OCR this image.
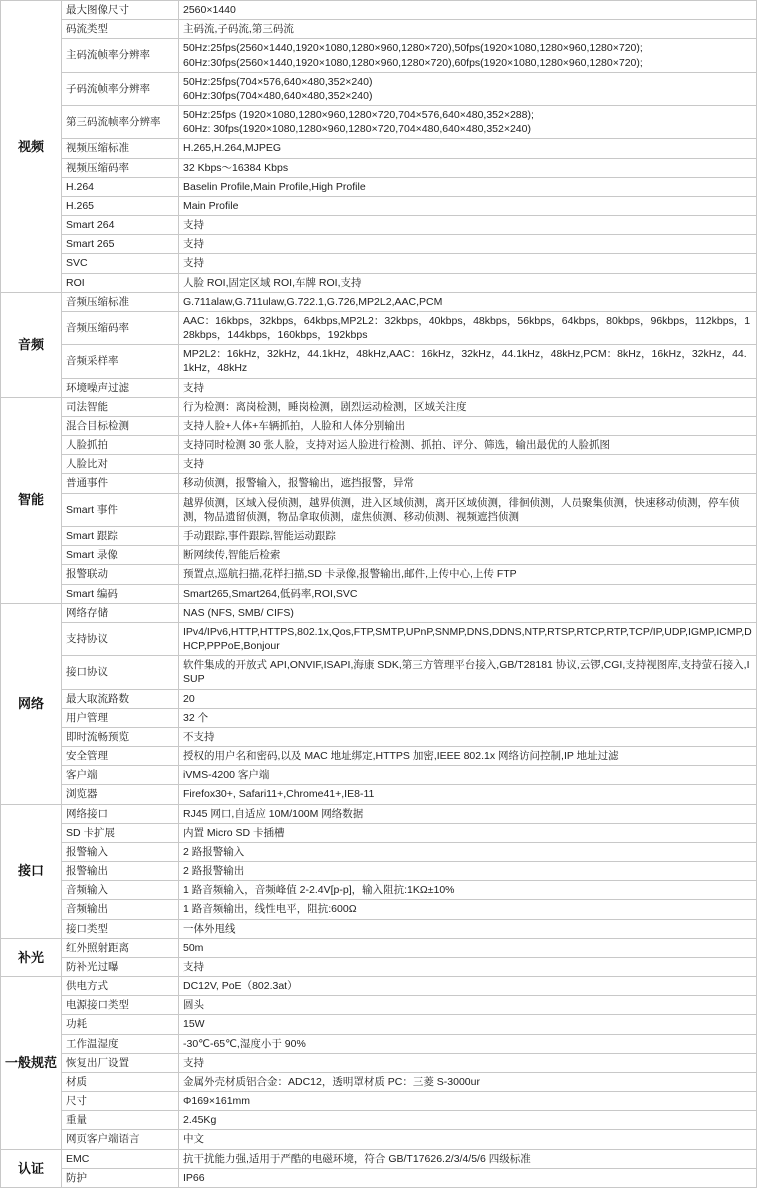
视频	最大图像尺寸	2560×1440

	码流类型	主码流,子码流,第三码流

	主码流帧率分辨率	50Hz:25fps(2560×1440,1920×1080,1280×960,1280×720),50fps(1920×1080,1280×960,1280×720);
60Hz:30fps(2560×1440,1920×1080,1280×960,1280×720),60fps(1920×1080,1280×960,1280×720);

	子码流帧率分辨率	50Hz:25fps(704×576,640×480,352×240)
60Hz:30fps(704×480,640×480,352×240)

	第三码流帧率分辨率	50Hz:25fps (1920×1080,1280×960,1280×720,704×576,640×480,352×288);
60Hz: 30fps(1920×1080,1280×960,1280×720,704×480,640×480,352×240)

	视频压缩标准	H.265,H.264,MJPEG

	视频压缩码率	32 Kbps～16384 Kbps

	H.264	Baselin Profile,Main Profile,High Profile

	H.265	Main Profile

	Smart 264	支持

	Smart 265	支持

	SVC	支持

	ROI	人脸 ROI,固定区域 ROI,车牌 ROI,支持

音频	音频压缩标准	G.711alaw,G.711ulaw,G.722.1,G.726,MP2L2,AAC,PCM

	音频压缩码率	AAC：16kbps，32kbps，64kbps,MP2L2：32kbps，40kbps，48kbps，56kbps，64kbps，80kbps，96kbps，112kbps，128kbps，144kbps，160kbps，192kbps

	音频采样率	MP2L2：16kHz，32kHz，44.1kHz，48kHz,AAC：16kHz，32kHz，44.1kHz，48kHz,PCM：8kHz，16kHz，32kHz，44.1kHz，48kHz

	环境噪声过滤	支持

智能	司法智能	行为检测：离岗检测，睡岗检测，剧烈运动检测，区域关注度

	混合目标检测	支持人脸+人体+车辆抓拍，人脸和人体分别输出

	人脸抓拍	支持同时检测 30 张人脸，支持对运人脸进行检测、抓拍、评分、筛选，输出最优的人脸抓图

	人脸比对	支持

	普通事件	移动侦测，报警输入，报警输出，遮挡报警，异常

	Smart 事件	越界侦测，区域入侵侦测，越界侦测，进入区域侦测，离开区域侦测，徘徊侦测，人员聚集侦测，快速移动侦测，停车侦测，物品遗留侦测，物品拿取侦测，虚焦侦测、移动侦测、视频遮挡侦测

	Smart 跟踪	手动跟踪,事件跟踪,智能运动跟踪

	Smart 录像	断网续传,智能后检索

	报警联动	预置点,巡航扫描,花样扫描,SD 卡录像,报警输出,邮件,上传中心,上传 FTP

	Smart 编码	Smart265,Smart264,低码率,ROI,SVC

网络	网络存储	NAS (NFS, SMB/ CIFS)

	支持协议	IPv4/IPv6,HTTP,HTTPS,802.1x,Qos,FTP,SMTP,UPnP,SNMP,DNS,DDNS,NTP,RTSP,RTCP,RTP,TCP/IP,UDP,IGMP,ICMP,DHCP,PPPoE,Bonjour

	接口协议	软件集成的开放式 API,ONVIF,ISAPI,海康 SDK,第三方管理平台接入,GB/T28181 协议,云锣,CGI,支持视图库,支持萤石接入,ISUP

	最大取流路数	20

	用户管理	32 个

	即时流畅预览	不支持

	安全管理	授权的用户名和密码,以及 MAC 地址绑定,HTTPS 加密,IEEE 802.1x 网络访问控制,IP 地址过滤

	客户端	iVMS-4200 客户端

	浏览器	Firefox30+, Safari11+,Chrome41+,IE8-11

接口	网络接口	RJ45 网口,自适应 10M/100M 网络数据

	SD 卡扩展	内置 Micro SD 卡插槽

	报警输入	2 路报警输入

	报警输出	2 路报警输出

	音频输入	1 路音频输入，音频峰值 2-2.4V[p-p]，输入阻抗:1KΩ±10%

	音频输出	1 路音频输出，线性电平，阻抗:600Ω

	接口类型	一体外甩线

补光	红外照射距离	50m

	防补光过曝	支持

一般规范	供电方式	DC12V, PoE（802.3at）

	电源接口类型	圆头

	功耗	15W

	工作温湿度	-30℃-65℃,湿度小于 90%

	恢复出厂设置	支持

	材质	金属外壳材质铝合金：ADC12，透明罩材质 PC：三菱 S-3000ur

	尺寸	Φ169×161mm

	重量	2.45Kg

	网页客户端语言	中文

认证	EMC	抗干扰能力强,适用于严酷的电磁环境，符合 GB/T17626.2/3/4/5/6 四级标准

	防护	IP66
